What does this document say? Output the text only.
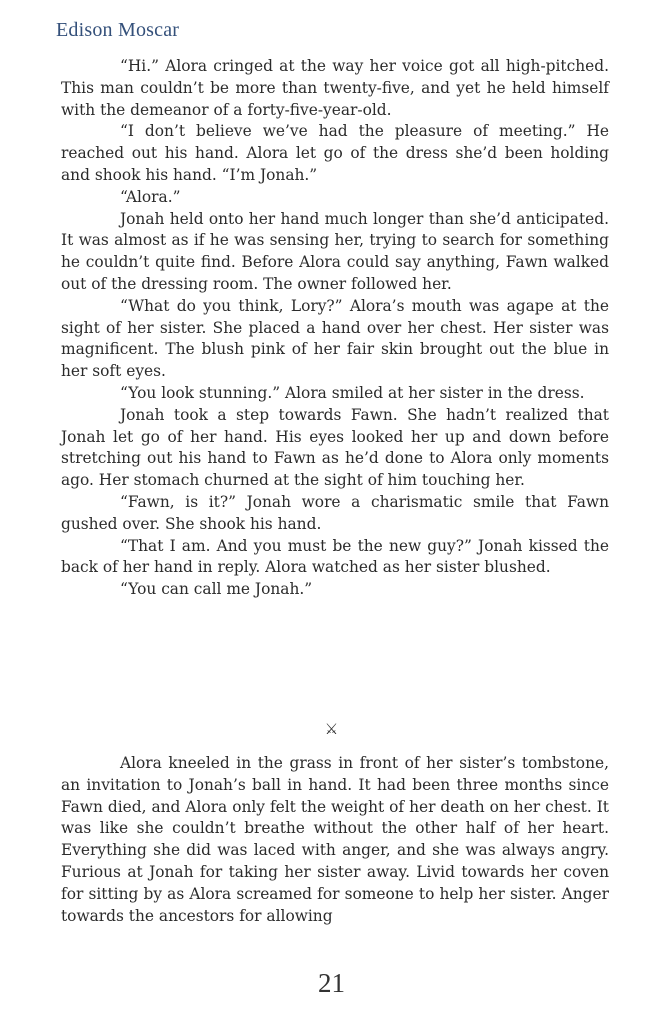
Edison Moscar

“Hi.” Alora cringed at the way her voice got all high-pitched. This man couldn’t be more than twenty-five, and yet he held himself with the demeanor of a forty-five-year-old.

“I don’t believe we’ve had the pleasure of meeting.” He reached out his hand. Alora let go of the dress she’d been holding and shook his hand. “I’m Jonah.”

“Alora.”

Jonah held onto her hand much longer than she’d anticipated. It was almost as if he was sensing her, trying to search for something he couldn’t quite find. Before Alora could say anything, Fawn walked out of the dressing room. The owner followed her.

“What do you think, Lory?” Alora’s mouth was agape at the sight of her sister. She placed a hand over her chest. Her sister was magnificent. The blush pink of her fair skin brought out the blue in her soft eyes.

“You look stunning.” Alora smiled at her sister in the dress.

Jonah took a step towards Fawn. She hadn’t realized that Jonah let go of her hand. His eyes looked her up and down before stretching out his hand to Fawn as he’d done to Alora only moments ago. Her stomach churned at the sight of him touching her.

“Fawn, is it?” Jonah wore a charismatic smile that Fawn gushed over. She shook his hand.

“That I am. And you must be the new guy?” Jonah kissed the back of her hand in reply. Alora watched as her sister blushed.

“You can call me Jonah.”

⚔

Alora kneeled in the grass in front of her sister’s tombstone, an invitation to Jonah’s ball in hand. It had been three months since Fawn died, and Alora only felt the weight of her death on her chest. It was like she couldn’t breathe without the other half of her heart. Everything she did was laced with anger, and she was always angry. Furious at Jonah for taking her sister away. Livid towards her coven for sitting by as Alora screamed for someone to help her sister. Anger towards the ancestors for allowing

21
